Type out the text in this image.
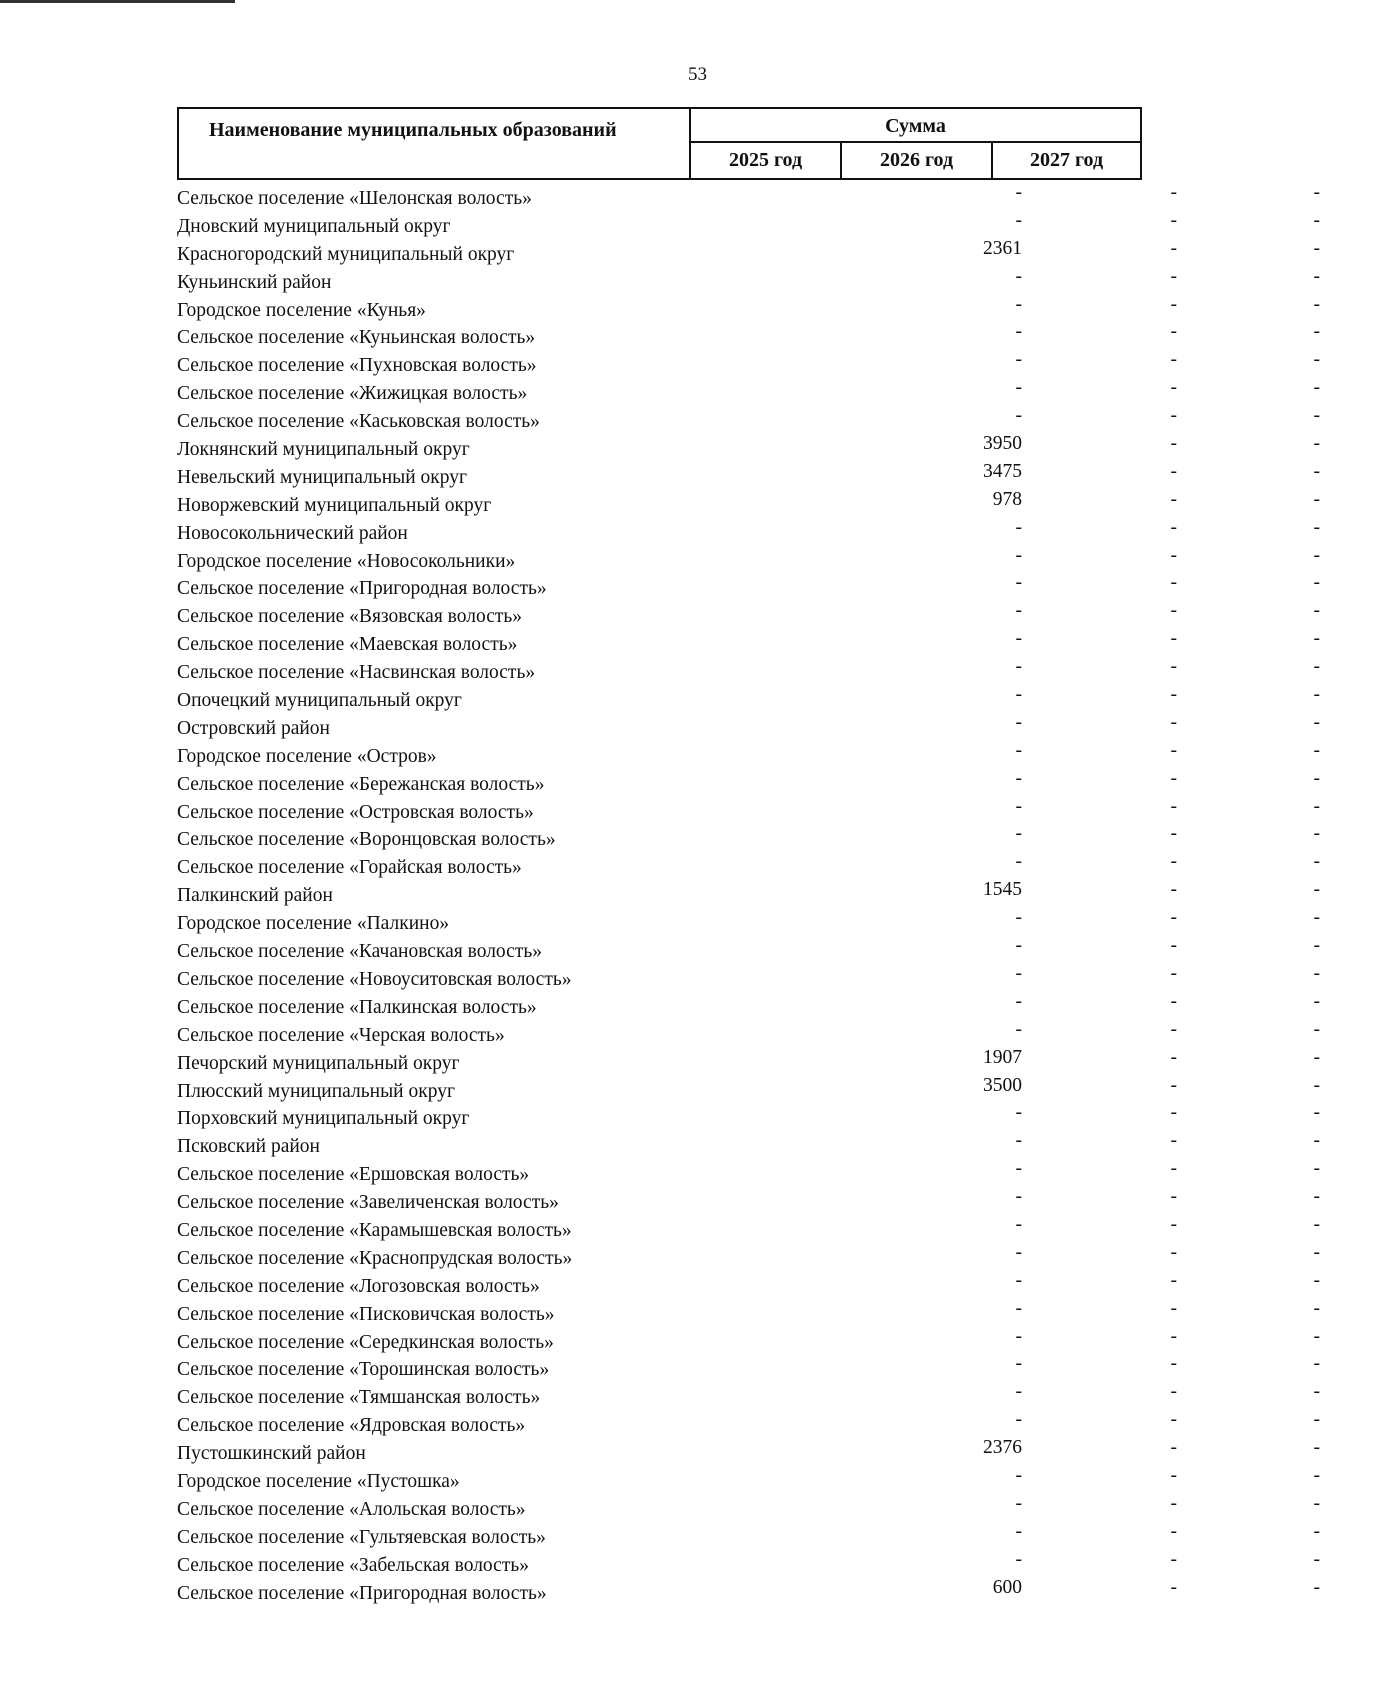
53
Наименование муниципальных образований	Сумма
2025 год	2026 год	2027 год
Сельское поселение «Шелонская волость»	-	-	-
Дновский муниципальный округ	-	-	-
Красногородский муниципальный округ	2361	-	-
Куньинский район	-	-	-
Городское поселение «Кунья»	-	-	-
Сельское поселение «Куньинская волость»	-	-	-
Сельское поселение «Пухновская волость»	-	-	-
Сельское поселение «Жижицкая волость»	-	-	-
Сельское поселение «Каськовская волость»	-	-	-
Локнянский муниципальный округ	3950	-	-
Невельский муниципальный округ	3475	-	-
Новоржевский муниципальный округ	978	-	-
Новосокольнический район	-	-	-
Городское поселение «Новосокольники»	-	-	-
Сельское поселение «Пригородная волость»	-	-	-
Сельское поселение «Вязовская волость»	-	-	-
Сельское поселение «Маевская волость»	-	-	-
Сельское поселение «Насвинская волость»	-	-	-
Опочецкий муниципальный округ	-	-	-
Островский район	-	-	-
Городское поселение «Остров»	-	-	-
Сельское поселение «Бережанская волость»	-	-	-
Сельское поселение «Островская волость»	-	-	-
Сельское поселение «Воронцовская волость»	-	-	-
Сельское поселение «Горайская волость»	-	-	-
Палкинский район	1545	-	-
Городское поселение «Палкино»	-	-	-
Сельское поселение «Качановская волость»	-	-	-
Сельское поселение «Новоуситовская волость»	-	-	-
Сельское поселение «Палкинская волость»	-	-	-
Сельское поселение «Черская волость»	-	-	-
Печорский муниципальный округ	1907	-	-
Плюсский муниципальный округ	3500	-	-
Порховский муниципальный округ	-	-	-
Псковский район	-	-	-
Сельское поселение «Ершовская волость»	-	-	-
Сельское поселение «Завеличенская волость»	-	-	-
Сельское поселение «Карамышевская волость»	-	-	-
Сельское поселение «Краснопрудская волость»	-	-	-
Сельское поселение «Логозовская волость»	-	-	-
Сельское поселение «Писковичская волость»	-	-	-
Сельское поселение «Середкинская волость»	-	-	-
Сельское поселение «Торошинская волость»	-	-	-
Сельское поселение «Тямшанская волость»	-	-	-
Сельское поселение «Ядровская волость»	-	-	-
Пустошкинский район	2376	-	-
Городское поселение «Пустошка»	-	-	-
Сельское поселение «Алольская волость»	-	-	-
Сельское поселение «Гультяевская волость»	-	-	-
Сельское поселение «Забельская волость»	-	-	-
Сельское поселение «Пригородная волость»	600	-	-
